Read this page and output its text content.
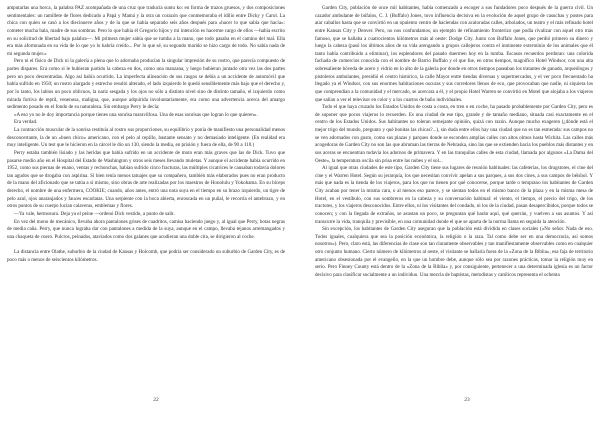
amputarlas una horca, la palabra PAZ acompañada de una cruz que traducía suntu ko: en forma de trazos gruesos, y dos composiciones sentimentales: un ramillete de flores dedicado a Papá y Mamá y la otra un corazón que conmemoraba el idilio entre Dicky y Carol. La chica con quien se casó a los diecinueve años y de la que se había separado seis años después para «hacer lo que sabía que hacía»: cometer mucha bala, madre de sus sombras. Pero lo que había él Gregorio hijos y mi intención es hacerme cargo de ellos —había escrito en su solicitud de libertad bajo palabra—. Mi primera mujer sabía que se tumba a la mano, que todo pasaba en el camino del mal. Ella era más afortunada en su vida de lo que yo lo habría creído... Por lo que sé, su segundo marido se hizo cargo de todo. No sabía nada de mi segunda mujer.»

Pero ni el físico de Dick ni la galería a plena que lo adornaba producían la singular impresión de su rostro, que parecía compuesto de partes dispares. Era como si le hubieran partido la cabeza en dos, como una manzana, y luego hubieran juntado otra vez las dos partes pero un poco descentradas. Algo así había ocurrido. La imperfecta alineación de sus rasgos se debía a un accidente de automóvil que había sufrido en 1950; un rostro alargado y estrecho resultó alterado, el lado izquierdo le quedó sensiblemente más bajo que el derecho y, por lo tanto, los labios un poco oblicuos, la nariz sesgada y los ojos no sólo a distinto nivel sino de distinto tamaño, el izquierdo como mirada furtiva de reptil, venenosa, maligna, que, aunque adquirida involuntariamente, era como una advertencia acerca del amargo sedimento posado en el fondo de su naturaleza. Sin embargo Perry le decía:

«A eso yo no le doy importancia porque tienes una sonrisa maravillosa. Una de esas sonrisas que logran lo que quieren».

Era verdad.

La contracción muscular de la sonrisa restituía al rostro sus proporciones, su equilibrio y ponía de manifiesto una personalidad menos desconcertante, la de un «buen chico» americano, con el pelo al cepillo, bastante sensato y no demasiado inteligente. (En realidad era muy inteligente. Un test que le hicieron en la cárcel le dio un 130, siendo la media, en prisión y fuera de ella, de 90 a 110.)

Perry estaba también lisiado y las heridas que había sufrido en un accidente de moto eran más graves que las de Dick. Tuvo que pasarse medio año en el Hospital del Estado de Washington y otros seis meses llevando muletas. Y aunque el accidente había ocurrido en 1952, como sus piernas de enano, ventas y rechonchas, habían sufrido cinco fracturas, las múltiples cicatrices le causaban todavía dolores tan agudos que se drogaba con aspirina. Si bien tenía menos tatuajes que su compañero, también más elaborados pues no eran producto de la mano del aficionado que se tatúa a sí mismo, sino obras de arte realizadas por los maestros de Honolulu y Yokohama. En su bíceps derecho, el nombre de una enfermera, COOKIE; cuando, años antes, entró una nota suya en el tiempo en su brazo izquierdo, un tigre de pelo azul, ojos anaranjados y fauces escarlatas. Una serpiente con la boca abierta, enroscada en un puñal, le recorría el antebrazo, y en otros puntos de su cuerpo lucían calaveras, emblemas y flores.

—Ya vale, hermosura. Deja ya el peine —ordenó Dick vestido, a punto de salir.

En vez del mono de mecánico, llevaba ahora pantalones grises de cuadritos, camisa haciendo juego y, al igual que Perry, botas negras de media caña. Perry, que nunca lograba dar con pantalones a medida de la suya, aunque en el campo, llevaba tejanos arremangados y una chaqueta de cuero. Pulcros, peinados, ataviados como dos galanes que acudieran una doble cita, se dirigieron al coche.

La distancia entre Olathe, suburbio de la ciudad de Kansas y Holcomb, que podría ser considerado un suburbio de Garden City, es de poco más o menos de seiscientos kilómetros.

Garden City, población de once mil habitantes, había comenzado a escoger a sus fundadores poco después de la guerra civil. Un cazador ambulante de búfalos, C. J. (Buffalo) Jones, tuvo influencia decisiva en la evolución de aquel grupo de casuchas y postes para atar caballos hasta que se convirtió en un opulento centro de haciendas con acaloradas calles, arbolados, un teatro y el más refinado hotel entre Kansas City y Denver. Pero, no nos confundamos, un ejemplo de refinamiento fronterizo que podía rivalizar con aquel otro más famoso, que se hallaba a cuatrocientos kilómetros más al oeste: Dodge City. Junto con Buffalo Jones, que perdió primero su dinero y luego la cabeza (pasó los últimos años de su vida arengando a grupos callejeros contra el inminente exterminio de los animales que él tanto había contribuido a eliminar), los esplendores del pasado duermen hoy en la tumba. Escasos recuerdos perduran: una colorida fachada de comercios conocida con el nombre de Barrio Buffalo y el que fue, en otros tiempos, magnífico Hotel Windsor, con una alta sobresaliente bóveda de acero y vidrio en lo alto de la galería por donde en otros tiempos paseaban los tratantes de ganado, arqueólogos y pistoleros ambulantes, presidió el centro histórico, la calle Mayor entre tiendas diversas y supermercados, y el ver poco frecuentado ha llegado ya el Windsor, con sus enormes habitaciones oscuras y sus corredores llenos de eco, que provocaban que nadie, ni siquiera los que comprendían a la comunidad y el mercado, se acercara a él, y el propio Hotel Warren se convirtió en Motel que alojaba a los viajeros que salían a ver el televisor en color y a los cuartos de baño individuales.

Todo el que haya cruzado los Estados Unidos de costa a costa, en tren o en coche, ha pasado probablemente por Garden City, pero es de suponer que pocos viajeros lo recuerden. Es una ciudad de ese tipo, grande y de tamaño mediano, situada casi exactamente en el centro de los Estados Unidos. Sus habitantes no toleran semejante opinión, quizá con razón. Aunque mucho exageren (¿dónde está el mejor trigo del mundo, pregunto y qué bonitas las chicas?...), sin duda entre ellos hay una ciudad que no es tan esmerada: sus campos no se ven adornados con gusto, como sus plazas y parques donde se esconden amplias calles con altos olmos hasta Wichita. Las calles más acogedoras de Garden City no son las que abruman las tierras de Nebraska, sino las que se extienden hacia los pueblos más distantes y en sus aceras se encuentran todavía los adornos de primavera. Y en las tranquilas calles de esta ciudad, llamada por algunos «La Dama del Oeste», la temperatura oscila sin prisa entre las nubes y el sol...

Al igual que otras ciudades de este tipo, Garden City tiene sus lugares de reunión habituales: las cafeterías, los drugstores, el cine del cine y el Warren Hotel. Según su jerarquía, los que necesitan convivir apelan a sus parques, a sus dos cines, a sus campos de béisbol. Y más que nada es la tienda de los viajeros, para los que no tienen por qué conocerse, porque tarde o temprano los habitantes de Garden City acaban por tener la misma cara, o al menos eso parece, y se sientan todos en el mismo banco de la plaza y en la misma mesa de Hotel, en el vestíbulo, con sus sombreros en la cabeza y su conversación habitual: el viento, el tiempo, el precio del trigo, de los tractores, y los viajeros desconocidos. Entre ellos, ni los visitantes del condado, ni los de la ciudad, pasan desapercibidos, porque todos se conocen; y con la llegada de extraños, se asustan un poco, se preguntan qué harán aquí, qué querrán, y vuelven a sus asuntos. Y así transcurre la vida, tranquila y previsible, en una comunidad donde el que se aparta de la norma llama en seguida la atención.

Sin excepción, los habitantes de Garden City aseguran que la población está dividida en clases sociales («No señor. Nada de eso. Todos iguales, cualquiera que sea la posición económica, la religión o la raza. Tal como debe ser en una democracia, así somos nosotros»). Pero, claro está, las diferencias de clase son tan claramente observables y tan manifiestamente observables como en cualquier otro conjunto humano. Cierto número de kilómetros al oeste, el visitante se hallaría fuera de la «Zona de la Biblia», esa faja de territorio americano obsesionada por el evangelio, en la que un hombre debe, aunque sólo sea por razones prácticas, tomar la religión muy en serio. Pero Finney County está dentro de la «Zona de la Biblia» y, por consiguiente, pertenecer a una determinada iglesia es un factor decisivo para clasificar socialmente a un individuo. Una mezcla de baptistas, metodistas y católicos representa el ochenta

22	23
